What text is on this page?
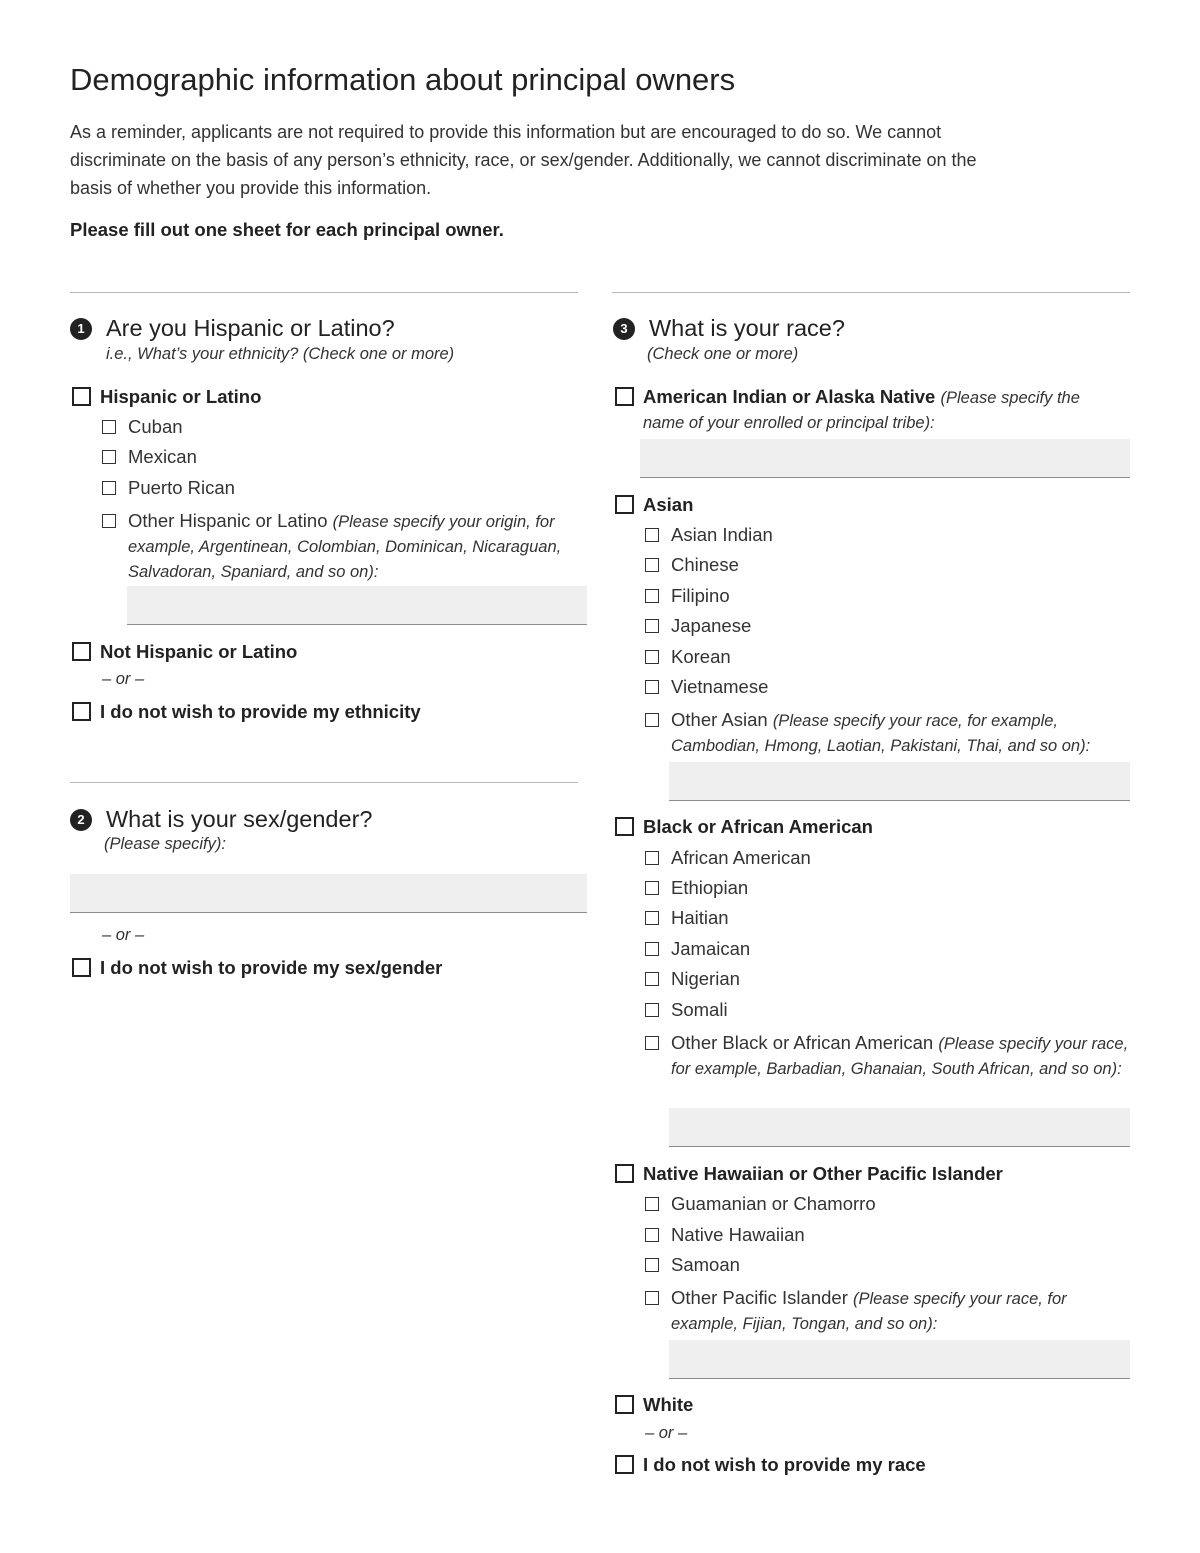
Demographic information about principal owners

As a reminder, applicants are not required to provide this information but are encouraged to do so. We cannot discriminate on the basis of any person’s ethnicity, race, or sex/gender. Additionally, we cannot discriminate on the basis of whether you provide this information.

Please fill out one sheet for each principal owner.

1 Are you Hispanic or Latino?
i.e., What’s your ethnicity? (Check one or more)
Hispanic or Latino
Cuban
Mexican
Puerto Rican
Other Hispanic or Latino (Please specify your origin, for example, Argentinean, Colombian, Dominican, Nicaraguan, Salvadoran, Spaniard, and so on):
Not Hispanic or Latino
– or –
I do not wish to provide my ethnicity
2 What is your sex/gender?
(Please specify):
– or –
I do not wish to provide my sex/gender
3 What is your race?
(Check one or more)
American Indian or Alaska Native (Please specify the name of your enrolled or principal tribe):
Asian
Asian Indian
Chinese
Filipino
Japanese
Korean
Vietnamese
Other Asian (Please specify your race, for example, Cambodian, Hmong, Laotian, Pakistani, Thai, and so on):
Black or African American
African American
Ethiopian
Haitian
Jamaican
Nigerian
Somali
Other Black or African American (Please specify your race, for example, Barbadian, Ghanaian, South African, and so on):
Native Hawaiian or Other Pacific Islander
Guamanian or Chamorro
Native Hawaiian
Samoan
Other Pacific Islander (Please specify your race, for example, Fijian, Tongan, and so on):
White
– or –
I do not wish to provide my race
